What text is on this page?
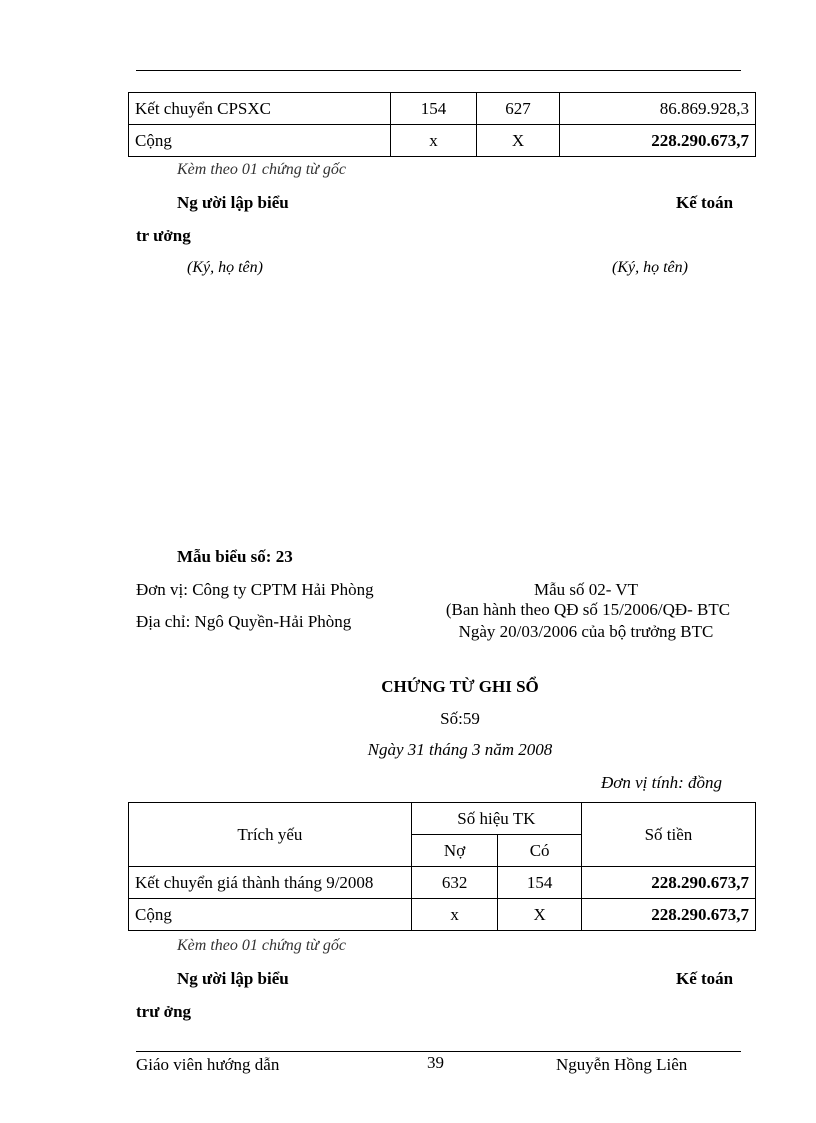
Kết chuyển CPSXC	154	627	86.869.928,3
Cộng	x	X	228.290.673,7
Kèm theo 01 chứng từ gốc
Ng ười lập biểu	Kế toán
tr ưởng
(Ký, họ tên)	(Ký, họ tên)
Mẫu biểu số: 23
Đơn vị: Công ty CPTM Hải Phòng
Địa chỉ: Ngô Quyền-Hải Phòng
Mẫu số 02- VT
(Ban hành theo QĐ số 15/2006/QĐ- BTC
Ngày 20/03/2006 của bộ trưởng BTC
CHỨNG TỪ GHI SỔ
Số:59
Ngày 31 tháng 3 năm 2008
Đơn vị tính: đồng
Trích yếu	Số hiệu TK		Số tiền
	Nợ	Có	
Kết chuyển giá thành tháng 9/2008	632	154	228.290.673,7
Cộng	x	X	228.290.673,7
Kèm theo 01 chứng từ gốc
Ng ười lập biểu	Kế toán
trư ởng
Giáo viên hướng dẫn	39	Nguyễn Hồng Liên
